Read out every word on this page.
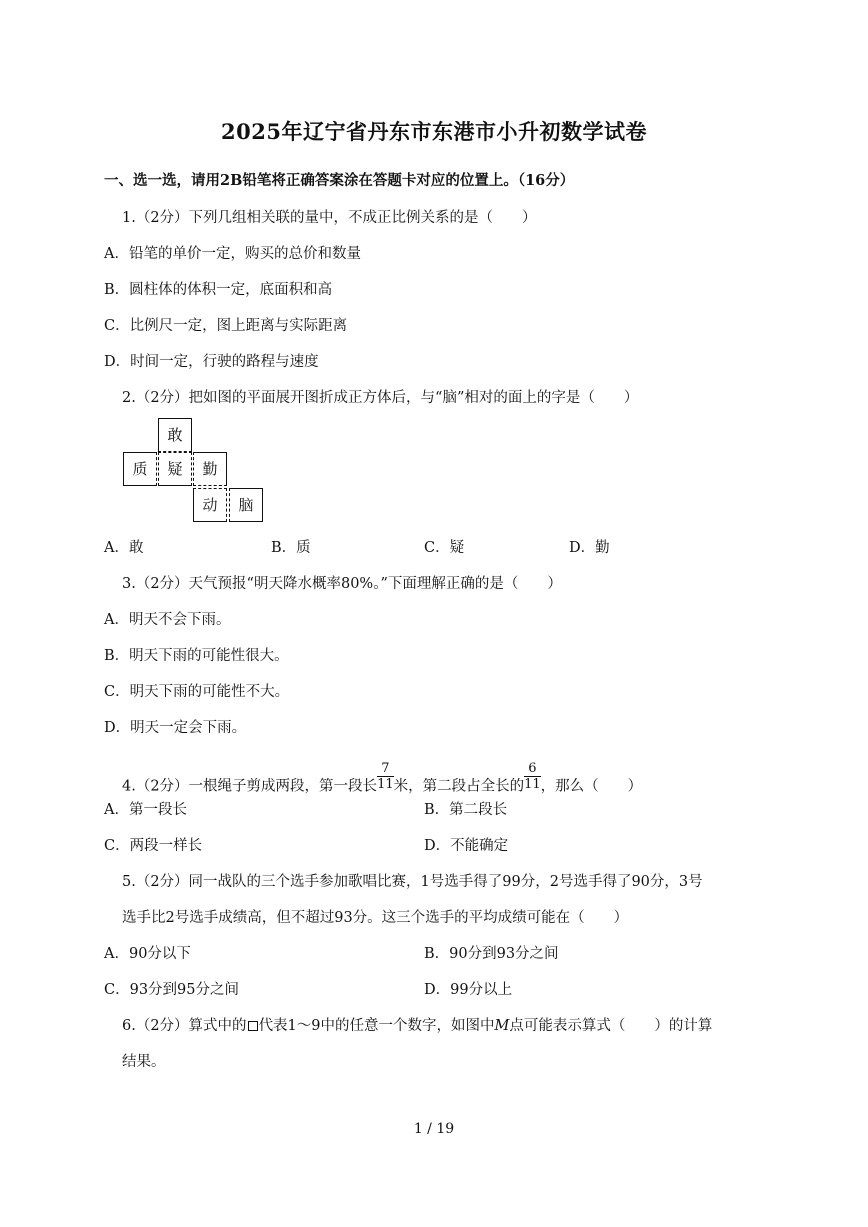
2025年辽宁省丹东市东港市小升初数学试卷
一、选一选，请用2B铅笔将正确答案涂在答题卡对应的位置上。（16分）
1.（2分）下列几组相关联的量中，不成正比例关系的是（　　）
A．铅笔的单价一定，购买的总价和数量
B．圆柱体的体积一定，底面积和高
C．比例尺一定，图上距离与实际距离
D．时间一定，行驶的路程与速度
2.（2分）把如图的平面展开图折成正方体后，与“脑”相对的面上的字是（　　）
敢
质	疑	勤
动	脑
A．敢	B．质	C．疑	D．勤
3.（2分）天气预报“明天降水概率80%。”下面理解正确的是（　　）
A．明天不会下雨。
B．明天下雨的可能性很大。
C．明天下雨的可能性不大。
D．明天一定会下雨。
4.（2分）一根绳子剪成两段，第一段长 $\frac{7}{11}$ 米，第二段占全长的 $\frac{6}{11}$ ，那么（　　）
A．第一段长	B．第二段长
C．两段一样长	D．不能确定
5.（2分）同一战队的三个选手参加歌唱比赛，1号选手得了99分，2号选手得了90分，3号
选手比2号选手成绩高，但不超过93分。这三个选手的平均成绩可能在（　　）
A．90分以下	B．90分到93分之间
C．93分到95分之间	D．99分以上
6.（2分）算式中的 代表1～9中的任意一个数字，如图中M点可能表示算式（　　）的计算
结果。
1 / 19
